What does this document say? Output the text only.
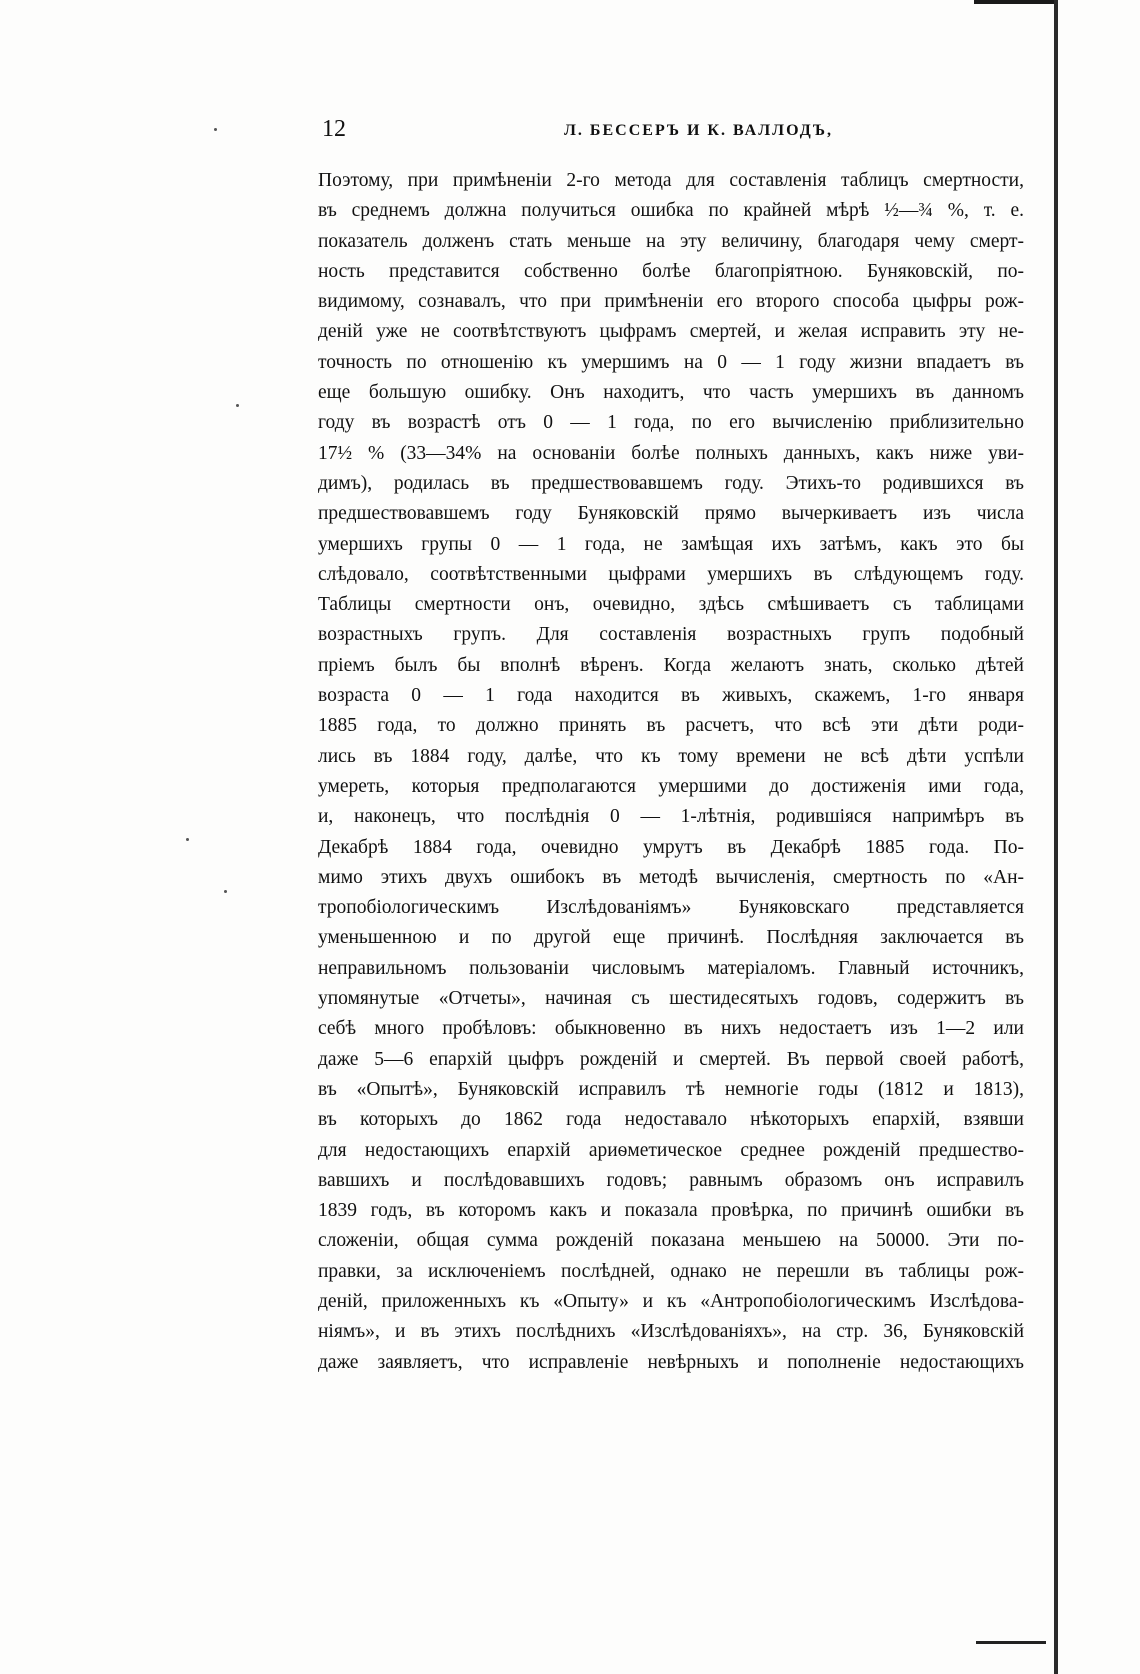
12	Л. БЕССЕРЪ И К. ВАЛЛОДЪ,
Поэтому, при примѣненіи 2-го метода для составленія таблицъ смертности,
въ среднемъ должна получиться ошибка по крайней мѣрѣ ½—¾ %, т. е.
показатель долженъ стать меньше на эту величину, благодаря чему смерт-
ность представится собственно болѣе благопріятною. Буняковскій, по-
видимому, сознавалъ, что при примѣненіи его второго способа цыфры рож-
деній уже не соотвѣтствуютъ цыфрамъ смертей, и желая исправить эту не-
точность по отношенію къ умершимъ на 0 — 1 году жизни впадаетъ въ
еще большую ошибку. Онъ находитъ, что часть умершихъ въ данномъ
году въ возрастѣ отъ 0 — 1 года, по его вычисленію приблизительно
17½ % (33—34% на основаніи болѣе полныхъ данныхъ, какъ ниже уви-
димъ), родилась въ предшествовавшемъ году. Этихъ-то родившихся въ
предшествовавшемъ году Буняковскій прямо вычеркиваетъ изъ числа
умершихъ групы 0 — 1 года, не замѣщая ихъ затѣмъ, какъ это бы
слѣдовало, соотвѣтственными цыфрами умершихъ въ слѣдующемъ году.
Таблицы смертности онъ, очевидно, здѣсь смѣшиваетъ съ таблицами
возрастныхъ групъ. Для составленія возрастныхъ групъ подобный
пріемъ былъ бы вполнѣ вѣренъ. Когда желаютъ знать, сколько дѣтей
возраста 0 — 1 года находится въ живыхъ, скажемъ, 1-го января
1885 года, то должно принять въ расчетъ, что всѣ эти дѣти роди-
лись въ 1884 году, далѣе, что къ тому времени не всѣ дѣти успѣли
умереть, которыя предполагаются умершими до достиженія ими года,
и, наконецъ, что послѣднія 0 — 1-лѣтнія, родившіяся напримѣръ въ
Декабрѣ 1884 года, очевидно умрутъ въ Декабрѣ 1885 года. По-
мимо этихъ двухъ ошибокъ въ методѣ вычисленія, смертность по «Ан-
тропобіологическимъ Изслѣдованіямъ» Буняковскаго представляется
уменьшенною и по другой еще причинѣ. Послѣдняя заключается въ
неправильномъ пользованіи числовымъ матеріаломъ. Главный источникъ,
упомянутые «Отчеты», начиная съ шестидесятыхъ годовъ, содержитъ въ
себѣ много пробѣловъ: обыкновенно въ нихъ недостаетъ изъ 1—2 или
даже 5—6 епархій цыфръ рожденій и смертей. Въ первой своей работѣ,
въ «Опытѣ», Буняковскій исправилъ тѣ немногіе годы (1812 и 1813),
въ которыхъ до 1862 года недоставало нѣкоторыхъ епархій, взявши
для недостающихъ епархій ариѳметическое среднее рожденій предшество-
вавшихъ и послѣдовавшихъ годовъ; равнымъ образомъ онъ исправилъ
1839 годъ, въ которомъ какъ и показала провѣрка, по причинѣ ошибки въ
сложеніи, общая сумма рожденій показана меньшею на 50000. Эти по-
правки, за исключеніемъ послѣдней, однако не перешли въ таблицы рож-
деній, приложенныхъ къ «Опыту» и къ «Антропобіологическимъ Изслѣдова-
ніямъ», и въ этихъ послѣднихъ «Изслѣдованіяхъ», на стр. 36, Буняковскій
даже заявляетъ, что исправленіе невѣрныхъ и пополненіе недостающихъ
